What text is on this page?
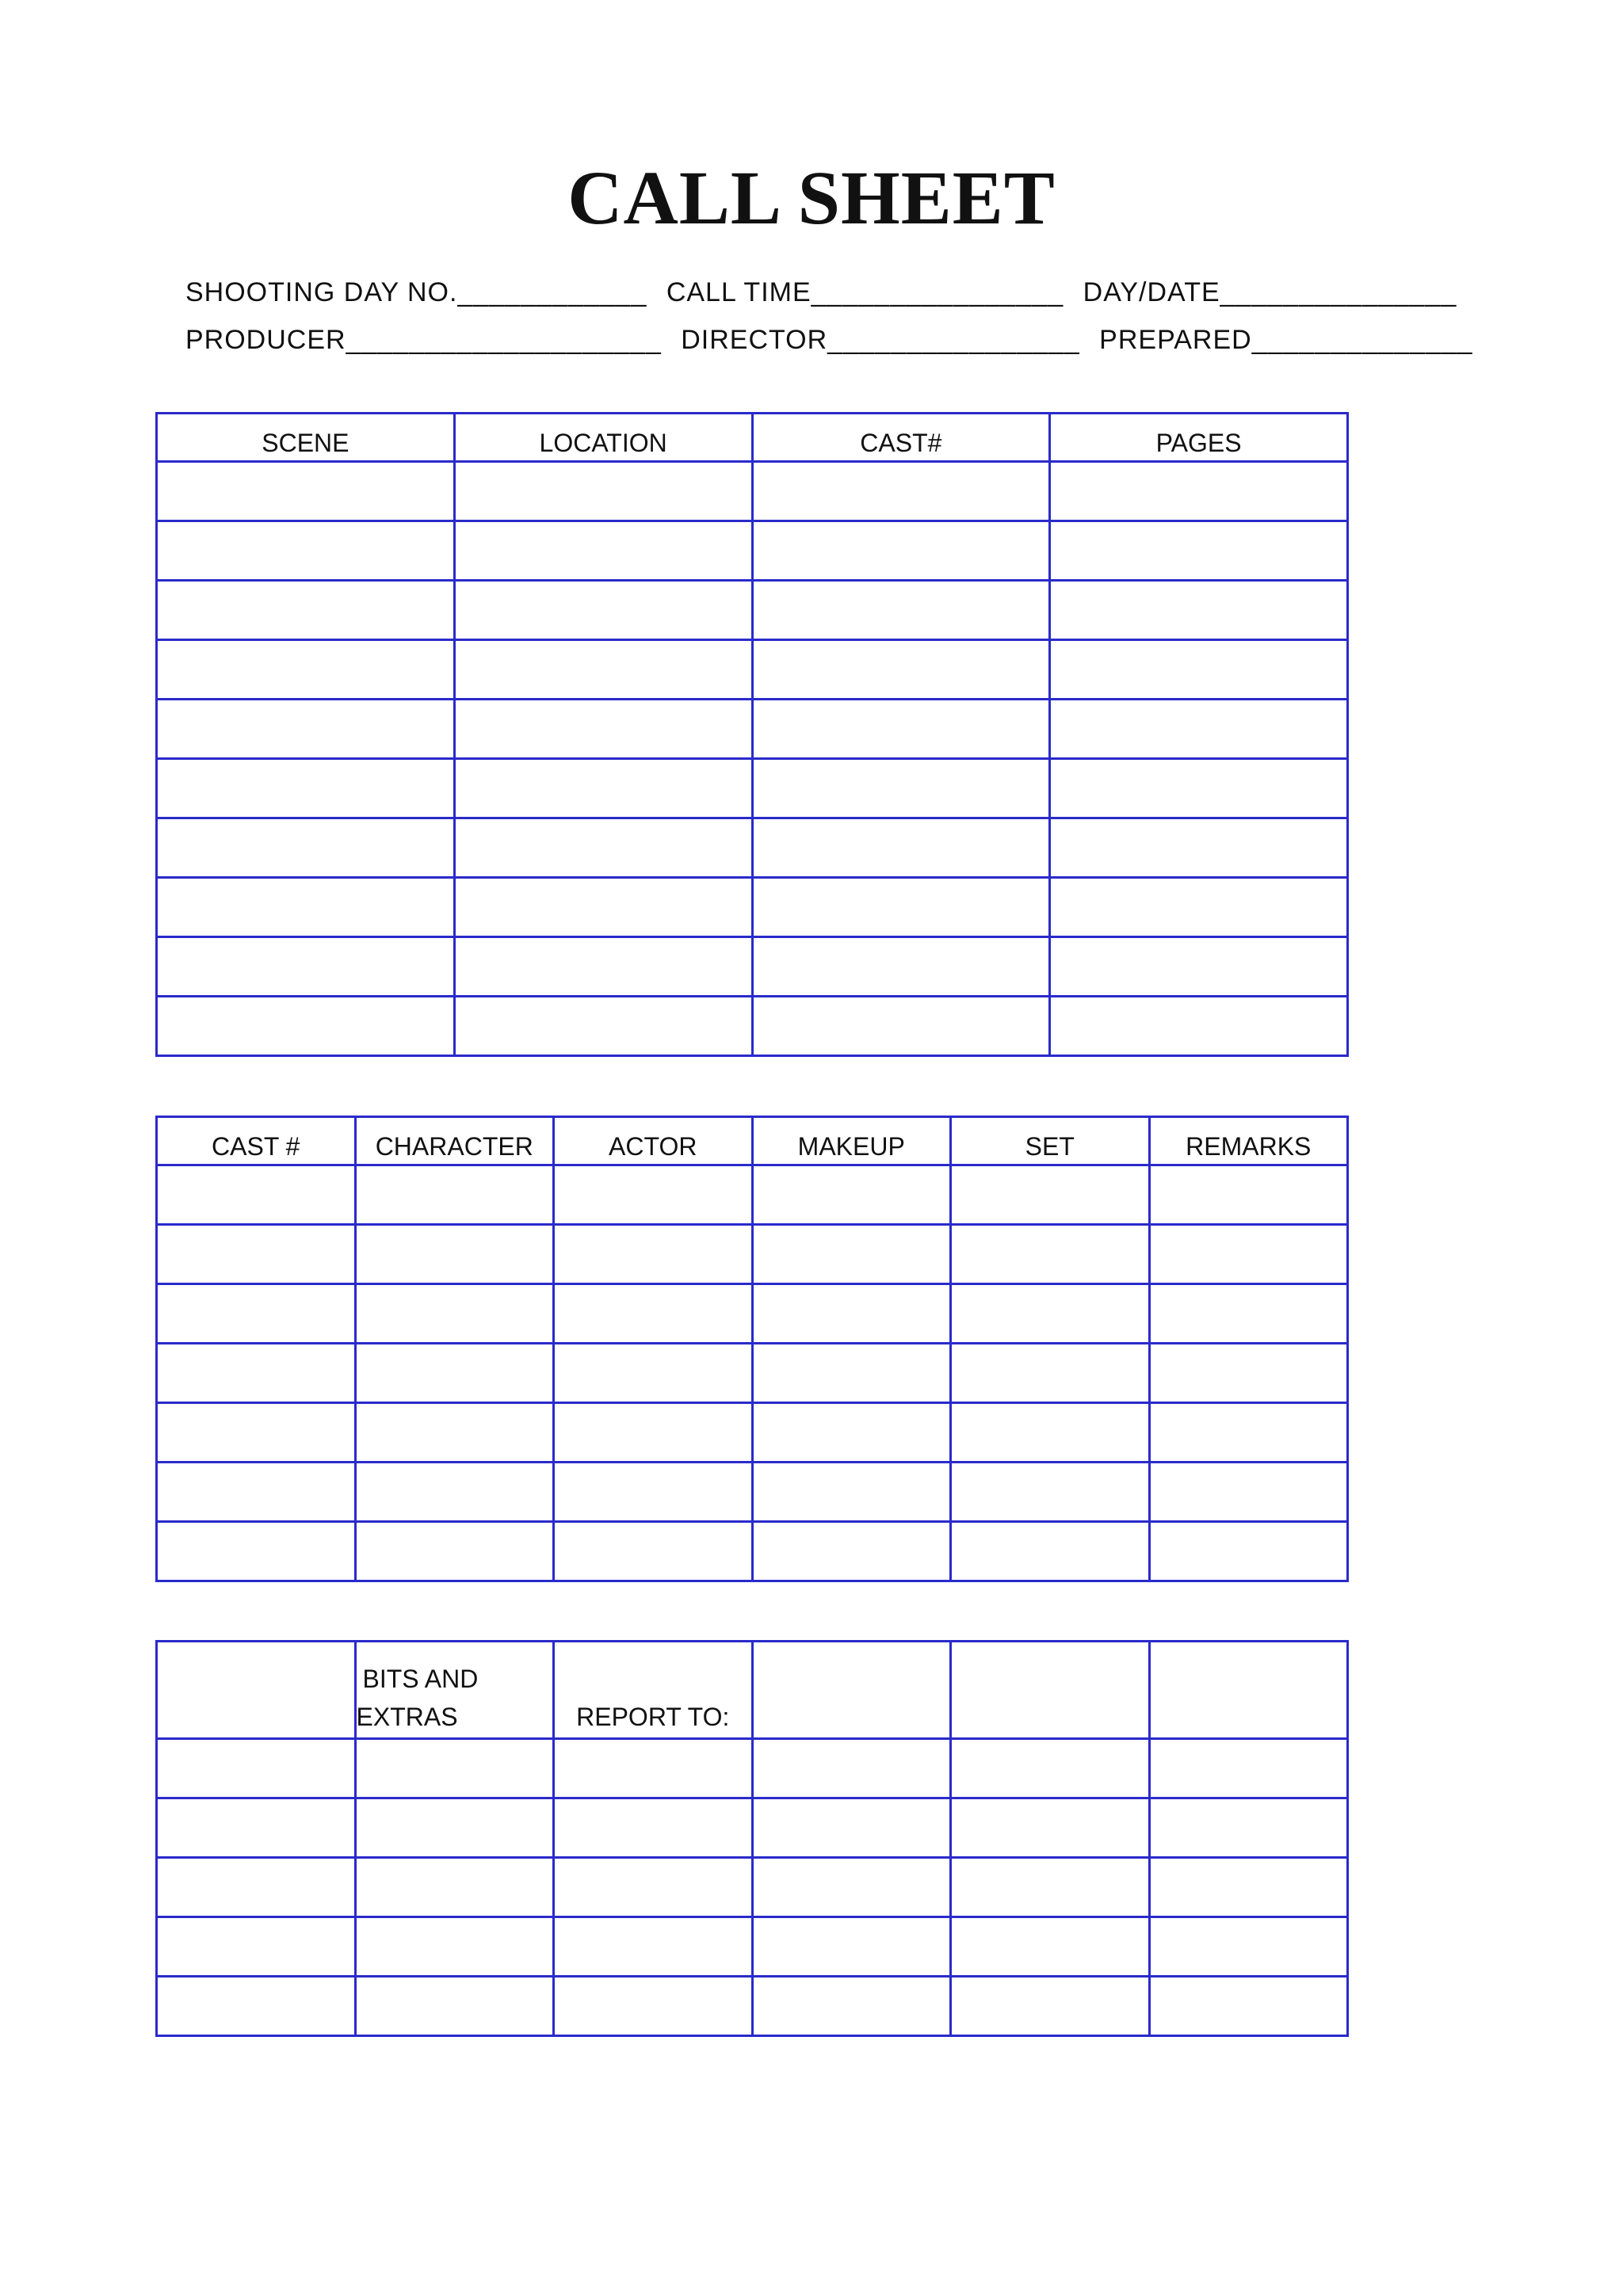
CALL SHEET
SHOOTING DAY NO.____________ CALL TIME________________ DAY/DATE_______________
PRODUCER____________________ DIRECTOR________________ PREPARED______________
SCENE	LOCATION	CAST#	PAGES

CAST #	CHARACTER	ACTOR	MAKEUP	SET	REMARKS

	BITS AND
EXTRAS	REPORT TO:			
